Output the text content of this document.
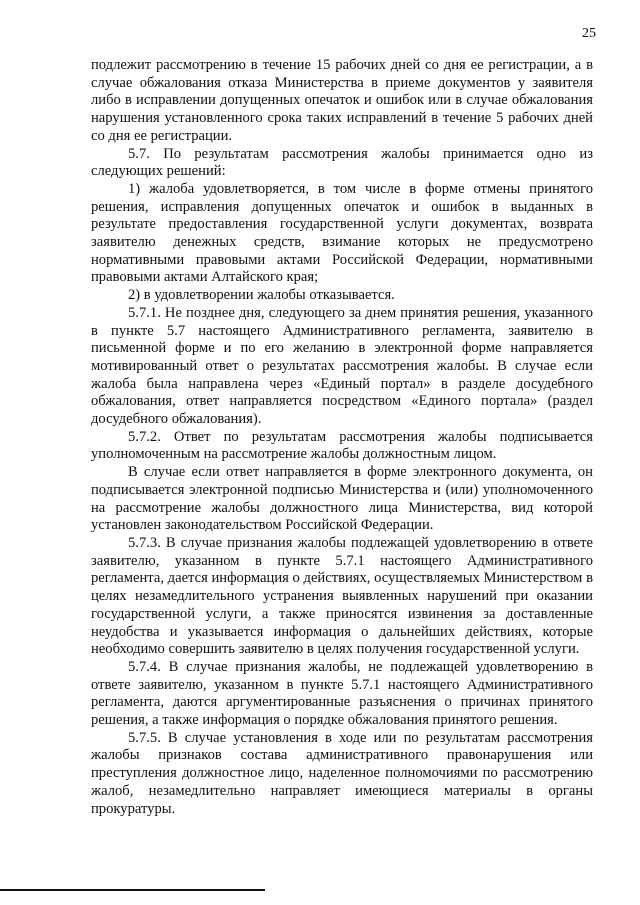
25

подлежит рассмотрению в течение 15 рабочих дней со дня ее регистрации, а в случае обжалования отказа Министерства в приеме документов у заявителя либо в исправлении допущенных опечаток и ошибок или в случае обжалования нарушения установленного срока таких исправлений в течение 5 рабочих дней со дня ее регистрации.

5.7. По результатам рассмотрения жалобы принимается одно из следующих решений:

1) жалоба удовлетворяется, в том числе в форме отмены принятого решения, исправления допущенных опечаток и ошибок в выданных в результате предоставления государственной услуги документах, возврата заявителю денежных средств, взимание которых не предусмотрено нормативными правовыми актами Российской Федерации, нормативными правовыми актами Алтайского края;

2) в удовлетворении жалобы отказывается.

5.7.1. Не позднее дня, следующего за днем принятия решения, указанного в пункте 5.7 настоящего Административного регламента, заявителю в письменной форме и по его желанию в электронной форме направляется мотивированный ответ о результатах рассмотрения жалобы. В случае если жалоба была направлена через «Единый портал» в разделе досудебного обжалования, ответ направляется посредством «Единого портала» (раздел досудебного обжалования).

5.7.2. Ответ по результатам рассмотрения жалобы подписывается уполномоченным на рассмотрение жалобы должностным лицом.

В случае если ответ направляется в форме электронного документа, он подписывается электронной подписью Министерства и (или) уполномоченного на рассмотрение жалобы должностного лица Министерства, вид которой установлен законодательством Российской Федерации.

5.7.3. В случае признания жалобы подлежащей удовлетворению в ответе заявителю, указанном в пункте 5.7.1 настоящего Административного регламента, дается информация о действиях, осуществляемых Министерством в целях незамедлительного устранения выявленных нарушений при оказании государственной услуги, а также приносятся извинения за доставленные неудобства и указывается информация о дальнейших действиях, которые необходимо совершить заявителю в целях получения государственной услуги.

5.7.4. В случае признания жалобы, не подлежащей удовлетворению в ответе заявителю, указанном в пункте 5.7.1 настоящего Административного регламента, даются аргументированные разъяснения о причинах принятого решения, а также информация о порядке обжалования принятого решения.

5.7.5. В случае установления в ходе или по результатам рассмотрения жалобы признаков состава административного правонарушения или преступления должностное лицо, наделенное полномочиями по рассмотрению жалоб, незамедлительно направляет имеющиеся материалы в органы прокуратуры.
